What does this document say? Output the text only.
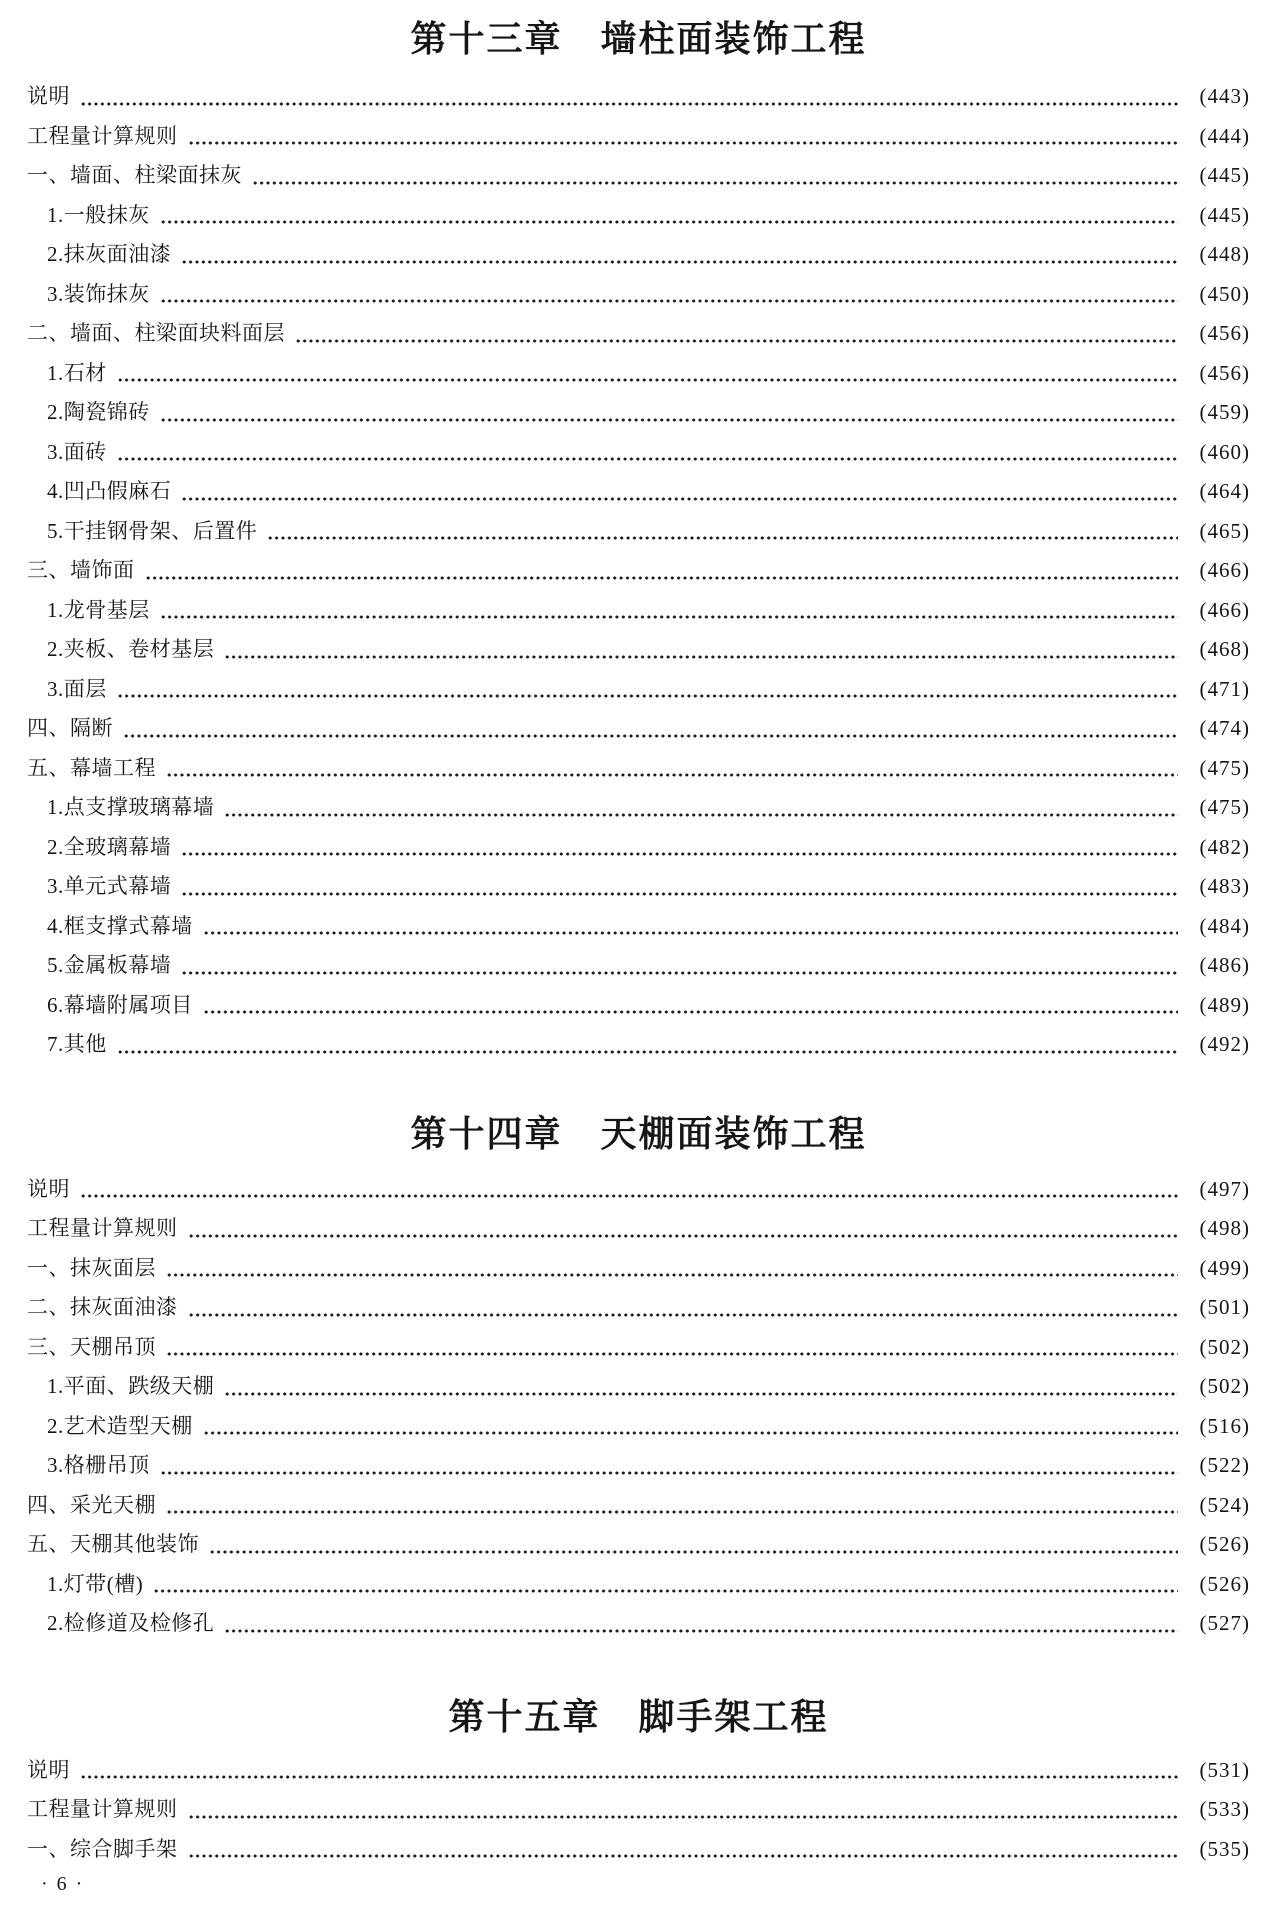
第十三章　墙柱面装饰工程
说明	(443)
工程量计算规则	(444)
一、墙面、柱梁面抹灰	(445)
1.一般抹灰	(445)
2.抹灰面油漆	(448)
3.装饰抹灰	(450)
二、墙面、柱梁面块料面层	(456)
1.石材	(456)
2.陶瓷锦砖	(459)
3.面砖	(460)
4.凹凸假麻石	(464)
5.干挂钢骨架、后置件	(465)
三、墙饰面	(466)
1.龙骨基层	(466)
2.夹板、卷材基层	(468)
3.面层	(471)
四、隔断	(474)
五、幕墙工程	(475)
1.点支撑玻璃幕墙	(475)
2.全玻璃幕墙	(482)
3.单元式幕墙	(483)
4.框支撑式幕墙	(484)
5.金属板幕墙	(486)
6.幕墙附属项目	(489)
7.其他	(492)
第十四章　天棚面装饰工程
说明	(497)
工程量计算规则	(498)
一、抹灰面层	(499)
二、抹灰面油漆	(501)
三、天棚吊顶	(502)
1.平面、跌级天棚	(502)
2.艺术造型天棚	(516)
3.格栅吊顶	(522)
四、采光天棚	(524)
五、天棚其他装饰	(526)
1.灯带(槽)	(526)
2.检修道及检修孔	(527)
第十五章　脚手架工程
说明	(531)
工程量计算规则	(533)
一、综合脚手架	(535)
· 6 ·
